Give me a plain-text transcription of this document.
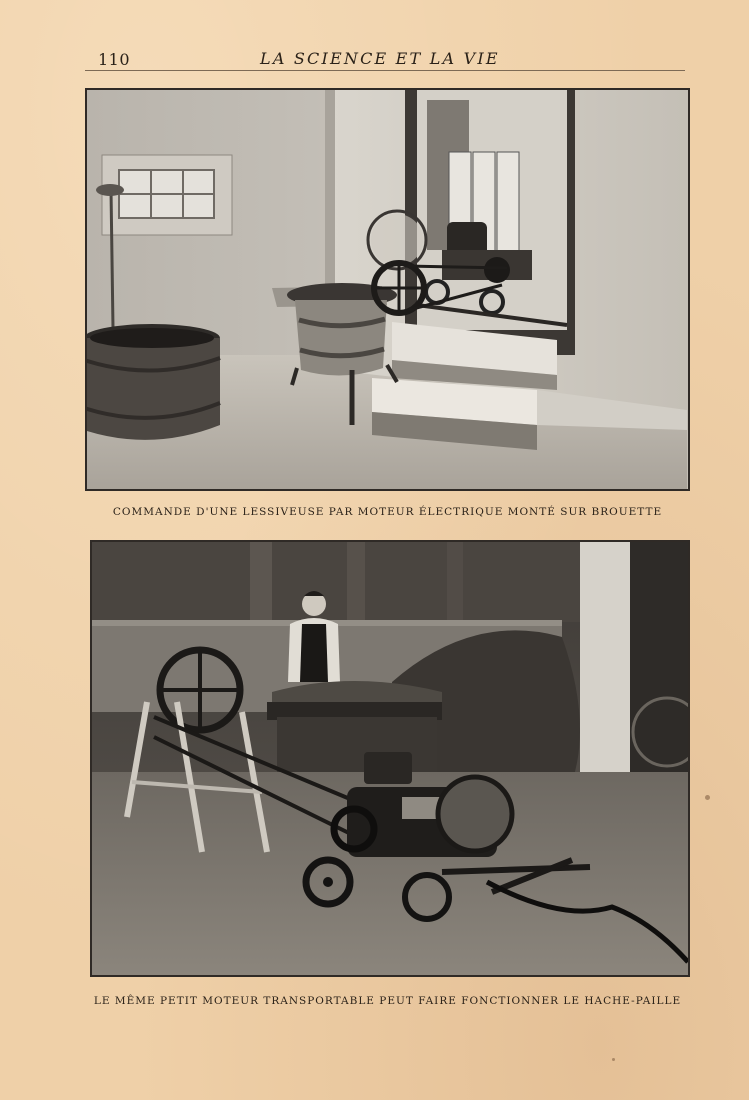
110	LA SCIENCE ET LA VIE
COMMANDE D'UNE LESSIVEUSE PAR MOTEUR ÉLECTRIQUE MONTÉ SUR BROUETTE
LE MÊME PETIT MOTEUR TRANSPORTABLE PEUT FAIRE FONCTIONNER LE HACHE-PAILLE
